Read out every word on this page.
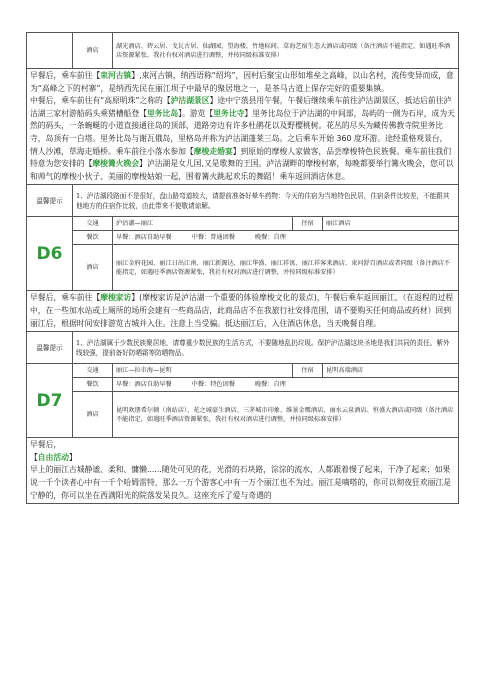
	酒店	湖光酒店、碧云居、戈瓦古居、仙湖园、望海楼、竹地标间、草海艺宿生态大酒店或同级（备注酒店不能指定，如遇旺季酒店资源紧张，我社有权对酒店进行调整，并按同级标准安排）		

早餐后，乘车前往【束河古镇】,束河古镇，纳西语称“绍坞”，因村后聚宝山形如堆垒之高峰，以山名村，流传变异而成，意为“高峰之下的村寨”，是纳西先民在丽江坝子中最早的聚居地之一，是茶马古道上保存完好的重要集镇。
中餐后，乘车前往有“高原明珠”之称的【泸沽湖景区】途中宁蒗县用午餐，午餐后继续乘车前往泸沽湖景区，抵达后前往泸沽湖三家村游船码头乘猪槽船登【里务比岛】。游览【里务比寺】里务比岛位于泸沽湖的中间部，岛屿的一侧为石岸，成为天然的码头，一条蜿蜒的小道直接通往岛的顶部，道路旁边有许多杜鹃花以及野樱桃树。花丛的尽头为藏传佛教寺院里务比寺，岛顶有一白塔。里务比岛与谢瓦俄岛，里格岛并称为泸沽湖蓬莱三岛。之后乘车开始 360 度环游。途经重格观景台，情人沙滩，草海走婚桥。乘车前往小落水参加【摩梭走婚宴】到原始的摩梭人家做客，品尝摩梭特色民族餐。乘车前往我们特意为您安排的【摩梭篝火晚会】泸沽湖是女儿国,又是歌舞的王国。泸沽湖畔的摩梭村寨，每晚都要举行篝火晚会，您可以和帅气的摩梭小伙子、美丽的摩梭姑娘一起，围着篝火跳起欢乐的舞蹈！乘车返回酒店休息。				

温馨提示	1、泸沽湖段路面不是很好，盘山路弯道较大，请提前准备好晕车药物：今天的住宿为当地特色民居，住宿条件比较差，不能跟其他地方的住宿作比较，由此带来不便敬请谅解。			
D6	交通	泸沽湖—丽江	住宿	丽江酒店
	餐饮	早餐：酒店自助早餐 中餐：普通团餐 晚餐：自理		
	酒店	丽江金府花园、丽江日出江南、丽江新源达、丽江华盛、丽江祥寓、丽江祥客来酒店、束河舒百酒店或者同级（备注酒店不能指定，如遇旺季酒店资源紧张，我社有权对酒店进行调整，并按同级标准安排）		
早餐后，乘车前往【摩梭家访】(摩梭家访是泸沽湖一个重要的体验摩梭文化的景点)，午餐后乘车返回丽江，（在返程的过程中，在一些加水站或上厕所的场所会建有一些商品店，此商品店不在我旅行社安排范围，请不要购买任何商品或药材）回到丽江后，根据时间安排游览古城并入住。注意上当受骗。抵达丽江后，入住酒店休息，当天晚餐自理。				
温馨提示	1、泸沽湖属于少数民族聚居地，请尊重少数民族的生活方式，不要随地乱扔垃圾。保护泸沽湖这块圣地是我们共同的责任。紫外线较强，提前备好防晒霜等防晒物品。			
D7	交通	丽江—拉市海—昆明	住宿	昆明高端酒店
	餐饮	早餐：酒店自助早餐 中餐：特色团餐 晚餐：自理		
	酒店	昆明欢朋希尔顿（南站店）、花之城豪生酒店、三茅城市印象、维景金鹰酒店、丽水云泉酒店、恒盛大酒店或同级（备注酒店不能指定，如遇旺季酒店资源紧张，我社有权对酒店进行调整，并按同级标准安排）		

早餐后，
【自由活动】
早上的丽江古城静谧、柔和、慵懒......随处可见的花，光滑的石块路，淙淙的流水，人都跟着慢了起来，干净了起来；如果说一千个读者心中有一千个哈姆雷特，那么一万个游客心中有一万个丽江也不为过。丽江是嘀嗒的，你可以彻夜狂欢丽江是宁静的，你可以坐在西满阳光的院落发呆良久。这座充斥了爱与奇遇的				
